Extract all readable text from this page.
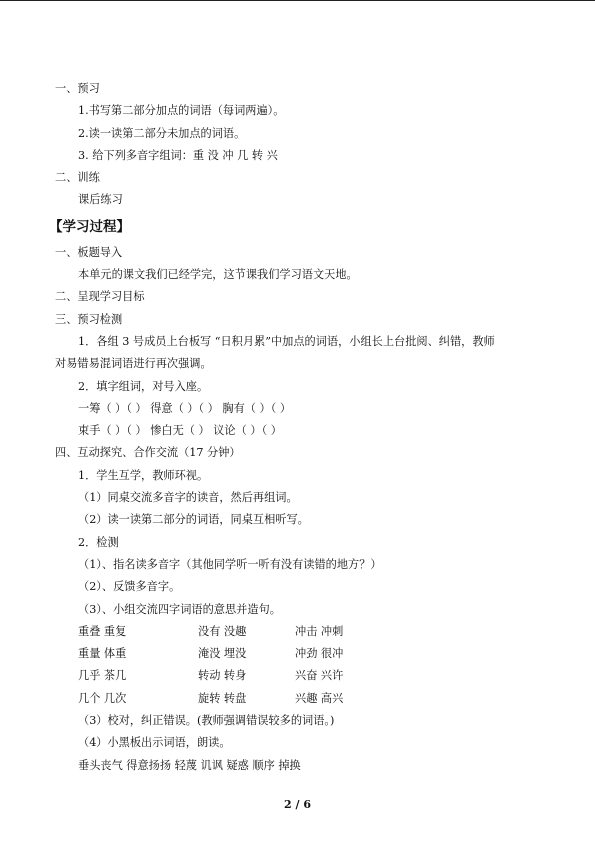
一、预习
1.书写第二部分加点的词语（每词两遍）。
2.读一读第二部分未加点的词语。
3. 给下列多音字组词：重 没 冲 几 转 兴
二、训练
课后练习
【学习过程】
一、板题导入
本单元的课文我们已经学完，这节课我们学习语文天地。
二、呈现学习目标
三、预习检测
1．各组 3 号成员上台板写 “日积月累”中加点的词语，小组长上台批阅、纠错，教师
对易错易混词语进行再次强调。
2．填字组词，对号入座。
一筹（ ）（ ） 得意（ ）（ ） 胸有（ ）（ ）
束手（ ）（ ） 惨白无（ ） 议论（ ）（ ）
四、互动探究、合作交流（17 分钟）
1．学生互学，教师环视。
（1）同桌交流多音字的读音，然后再组词。
（2）读一读第二部分的词语，同桌互相听写。
2．检测
（1）、指名读多音字（其他同学听一听有没有读错的地方？）
（2）、反馈多音字。
（3）、小组交流四字词语的意思并造句。
重叠 重复	没有 没趣	冲击 冲刺
重量 体重	淹没 埋没	冲劲 很冲
几乎 茶几	转动 转身	兴奋 兴许
几个 几次	旋转 转盘	兴趣 高兴
（3）校对，纠正错误。(教师强调错误较多的词语。)
（4）小黑板出示词语，朗读。
垂头丧气 得意扬扬 轻蔑 讥讽 疑惑 顺序 掉换
2 / 6
